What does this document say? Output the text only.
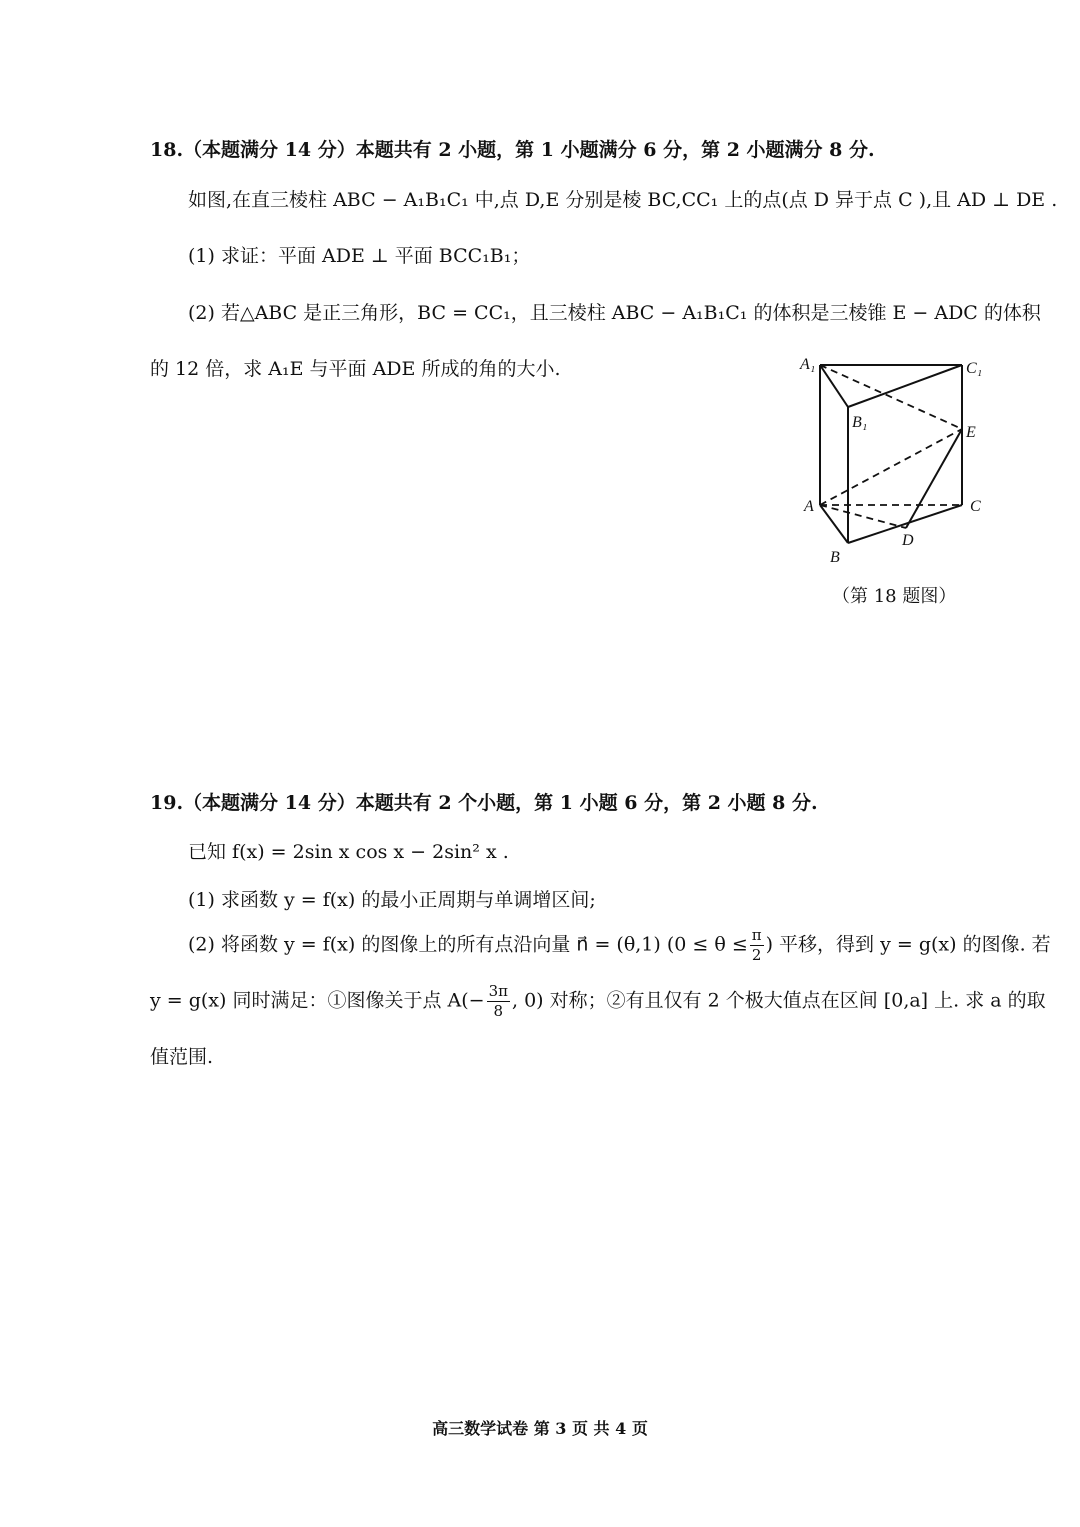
18.（本题满分 14 分）本题共有 2 小题，第 1 小题满分 6 分，第 2 小题满分 8 分.
如图,在直三棱柱 ABC − A₁B₁C₁ 中,点 D,E 分别是棱 BC,CC₁ 上的点(点 D 异于点 C ),且 AD ⊥ DE .
(1) 求证：平面 ADE ⊥ 平面 BCC₁B₁；
(2) 若△ABC 是正三角形，BC = CC₁，且三棱柱 ABC − A₁B₁C₁ 的体积是三棱锥 E − ADC 的体积
的 12 倍，求 A₁E 与平面 ADE 所成的角的大小.	A₁	C₁
B₁
E
A	C
D
B
（第 18 题图）
19.（本题满分 14 分）本题共有 2 个小题，第 1 小题 6 分，第 2 小题 8 分.
已知 f(x) = 2sin x cos x − 2sin² x .
(1) 求函数 y = f(x) 的最小正周期与单调增区间;
(2) 将函数 y = f(x) 的图像上的所有点沿向量 n⃗ = (θ,1) ($0 \le \theta \le \frac{\pi}{2}$ ) 平移，得到 y = g(x) 的图像. 若
y = g(x) 同时满足：①图像关于点 $A(- \frac{3\pi}{8}$ , 0) 对称；②有且仅有 2 个极大值点在区间 [0,a] 上. 求 a 的取
值范围.
高三数学试卷 第 3 页 共 4 页
